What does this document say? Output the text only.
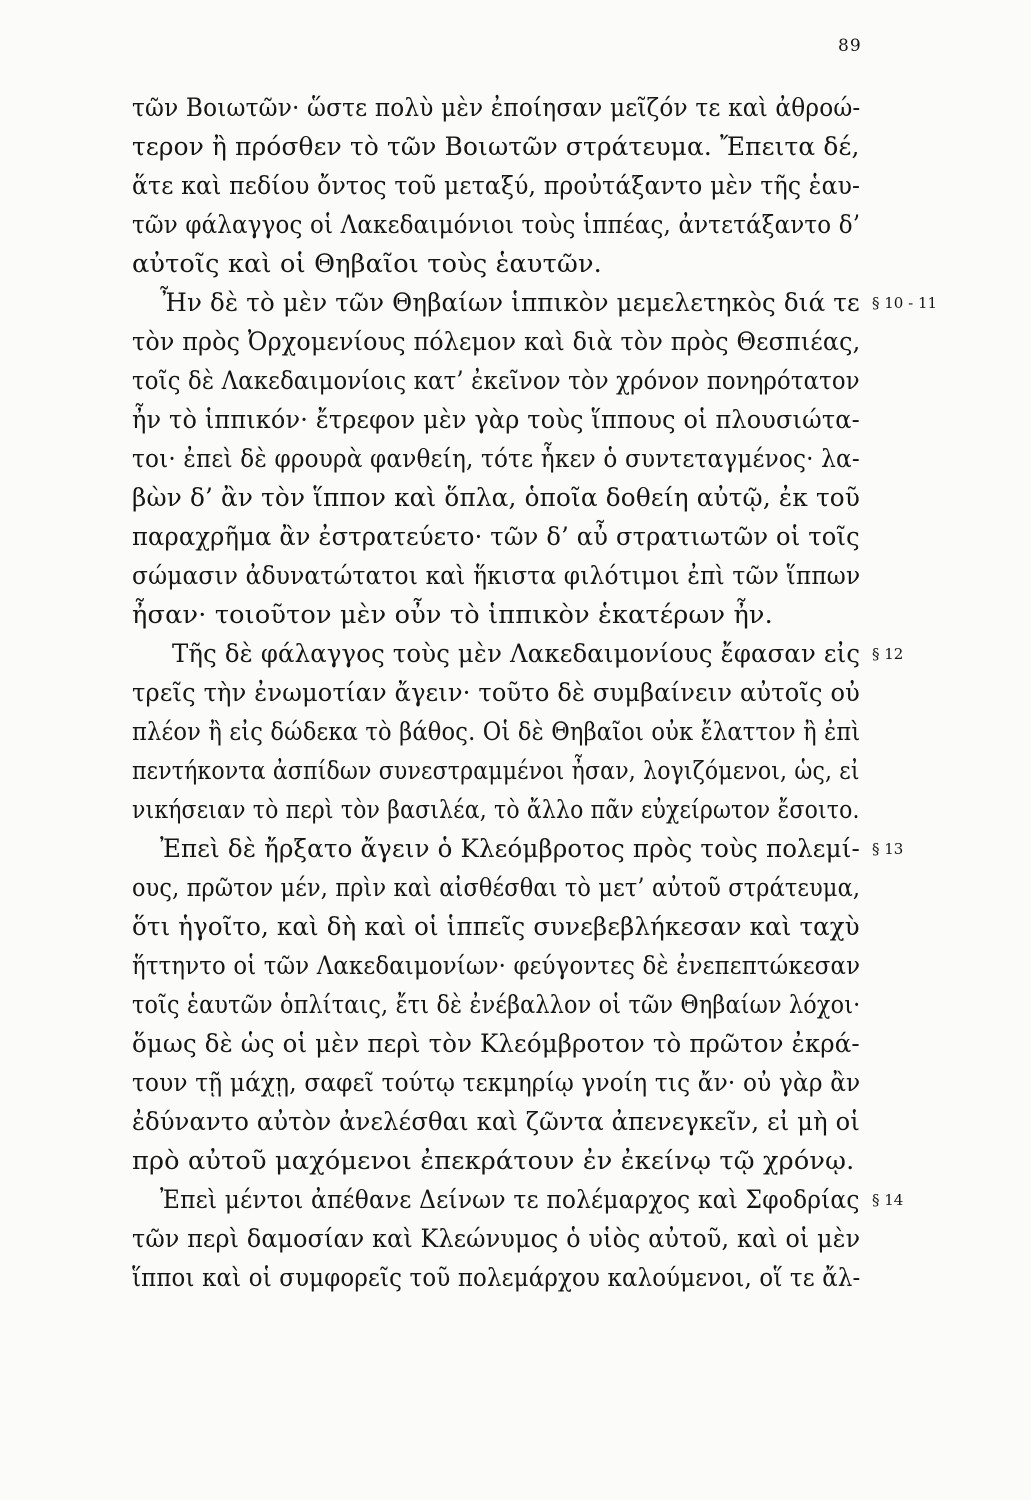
89
τῶν Βοιωτῶν· ὥστε πολὺ μὲν ἐποίησαν μεῖζόν τε καὶ ἀθροώ-
τερον ἢ πρόσθεν τὸ τῶν Βοιωτῶν στράτευμα. Ἔπειτα δέ,
ἅτε καὶ πεδίου ὄντος τοῦ μεταξύ, προὐτάξαντο μὲν τῆς ἑαυ-
τῶν φάλαγγος οἱ Λακεδαιμόνιοι τοὺς ἱππέας, ἀντετάξαντο δ’
αὐτοῖς καὶ οἱ Θηβαῖοι τοὺς ἑαυτῶν.
Ἦν δὲ τὸ μὲν τῶν Θηβαίων ἱππικὸν μεμελετηκὸς διά τε
τὸν πρὸς Ὀρχομενίους πόλεμον καὶ διὰ τὸν πρὸς Θεσπιέας,
τοῖς δὲ Λακεδαιμονίοις κατ’ ἐκεῖνον τὸν χρόνον πονηρότατον
ἦν τὸ ἱππικόν· ἔτρεφον μὲν γὰρ τοὺς ἵππους οἱ πλουσιώτα-
τοι· ἐπεὶ δὲ φρουρὰ φανθείη, τότε ἧκεν ὁ συντεταγμένος· λα-
βὼν δ’ ἂν τὸν ἵππον καὶ ὅπλα, ὁποῖα δοθείη αὐτῷ, ἐκ τοῦ
παραχρῆμα ἂν ἐστρατεύετο· τῶν δ’ αὖ στρατιωτῶν οἱ τοῖς
σώμασιν ἀδυνατώτατοι καὶ ἥκιστα φιλότιμοι ἐπὶ τῶν ἵππων
ἦσαν· τοιοῦτον μὲν οὖν τὸ ἱππικὸν ἑκατέρων ἦν.
Τῆς δὲ φάλαγγος τοὺς μὲν Λακεδαιμονίους ἔφασαν εἰς
τρεῖς τὴν ἐνωμοτίαν ἄγειν· τοῦτο δὲ συμβαίνειν αὐτοῖς οὐ
πλέον ἢ εἰς δώδεκα τὸ βάθος. Οἱ δὲ Θηβαῖοι οὐκ ἔλαττον ἢ ἐπὶ
πεντήκοντα ἀσπίδων συνεστραμμένοι ἦσαν, λογιζόμενοι, ὡς, εἰ
νικήσειαν τὸ περὶ τὸν βασιλέα, τὸ ἄλλο πᾶν εὐχείρωτον ἔσοιτο.
Ἐπεὶ δὲ ἤρξατο ἄγειν ὁ Κλεόμβροτος πρὸς τοὺς πολεμί-
ους, πρῶτον μέν, πρὶν καὶ αἰσθέσθαι τὸ μετ’ αὐτοῦ στράτευμα,
ὅτι ἡγοῖτο, καὶ δὴ καὶ οἱ ἱππεῖς συνεβεβλήκεσαν καὶ ταχὺ
ἥττηντο οἱ τῶν Λακεδαιμονίων· φεύγοντες δὲ ἐνεπεπτώκεσαν
τοῖς ἑαυτῶν ὁπλίταις, ἔτι δὲ ἐνέβαλλον οἱ τῶν Θηβαίων λόχοι·
ὅμως δὲ ὡς οἱ μὲν περὶ τὸν Κλεόμβροτον τὸ πρῶτον ἐκρά-
τουν τῇ μάχῃ, σαφεῖ τούτῳ τεκμηρίῳ γνοίη τις ἄν· οὐ γὰρ ἂν
ἐδύναντο αὐτὸν ἀνελέσθαι καὶ ζῶντα ἀπενεγκεῖν, εἰ μὴ οἱ
πρὸ αὐτοῦ μαχόμενοι ἐπεκράτουν ἐν ἐκείνῳ τῷ χρόνῳ.
Ἐπεὶ μέντοι ἀπέθανε Δείνων τε πολέμαρχος καὶ Σφοδρίας
τῶν περὶ δαμοσίαν καὶ Κλεώνυμος ὁ υἱὸς αὐτοῦ, καὶ οἱ μὲν
ἵπποι καὶ οἱ συμφορεῖς τοῦ πολεμάρχου καλούμενοι, οἵ τε ἄλ-
§ 10 - 11
§ 12
§ 13
§ 14
